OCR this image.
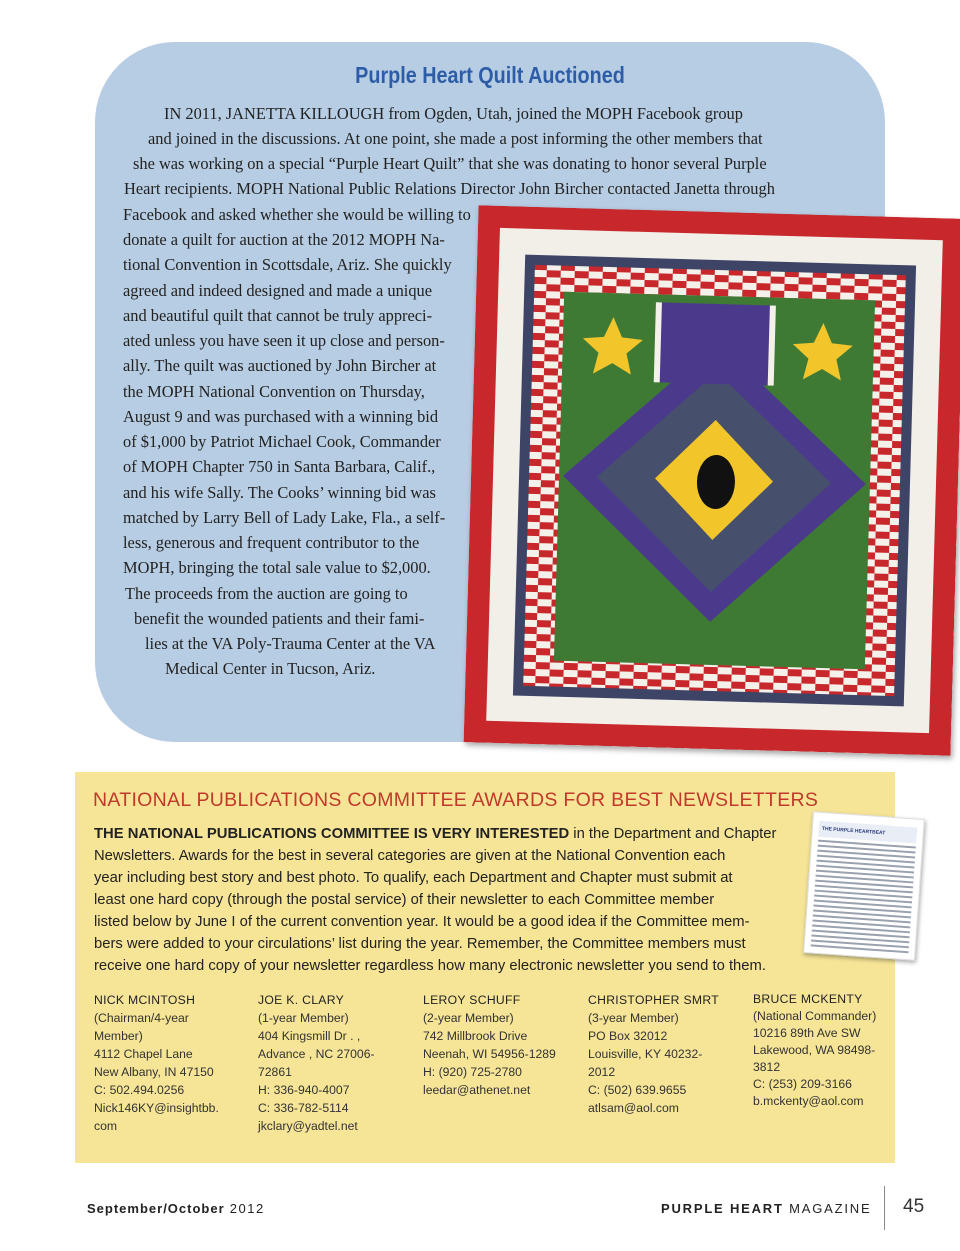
Purple Heart Quilt Auctioned
IN 2011, JANETTA KILLOUGH from Ogden, Utah, joined the MOPH Facebook group
and joined in the discussions. At one point, she made a post informing the other members that
she was working on a special “Purple Heart Quilt” that she was donating to honor several Purple
Heart recipients. MOPH National Public Relations Director John Bircher contacted Janetta through
Facebook and asked whether she would be willing to
donate a quilt for auction at the 2012 MOPH Na-
tional Convention in Scottsdale, Ariz. She quickly
agreed and indeed designed and made a unique
and beautiful quilt that cannot be truly appreci-
ated unless you have seen it up close and person-
ally. The quilt was auctioned by John Bircher at
the MOPH National Convention on Thursday,
August 9 and was purchased with a winning bid
of $1,000 by Patriot Michael Cook, Commander
of MOPH Chapter 750 in Santa Barbara, Calif.,
and his wife Sally. The Cooks’ winning bid was
matched by Larry Bell of Lady Lake, Fla., a self-
less, generous and frequent contributor to the
MOPH, bringing the total sale value to $2,000.
The proceeds from the auction are going to
benefit the wounded patients and their fami-
lies at the VA Poly-Trauma Center at the VA
Medical Center in Tucson, Ariz.
NATIONAL PUBLICATIONS COMMITTEE AWARDS FOR BEST NEWSLETTERS
THE NATIONAL PUBLICATIONS COMMITTEE IS VERY INTERESTED in the Department and Chapter
Newsletters. Awards for the best in several categories are given at the National Convention each
year including best story and best photo. To qualify, each Department and Chapter must submit at
least one hard copy (through the postal service) of their newsletter to each Committee member
listed below by June I of the current convention year. It would be a good idea if the Committee mem-
bers were added to your circulations’ list during the year. Remember, the Committee members must
receive one hard copy of your newsletter regardless how many electronic newsletter you send to them.
THE PURPLE HEARTBEAT
NICK MCINTOSH
(Chairman/4-year
Member)
4112 Chapel Lane
New Albany, IN 47150
C: 502.494.0256
Nick146KY@insightbb.
com
JOE K. CLARY
(1-year Member)
404 Kingsmill Dr . ,
Advance , NC 27006-
72861
H: 336-940-4007
C: 336-782-5114
jkclary@yadtel.net
LEROY SCHUFF
(2-year Member)
742 Millbrook Drive
Neenah, WI 54956-1289
H: (920) 725-2780
leedar@athenet.net
CHRISTOPHER SMRT
(3-year Member)
PO Box 32012
Louisville, KY 40232-
2012
C: (502) 639.9655
atlsam@aol.com
BRUCE MCKENTY
(National Commander)
10216 89th Ave SW
Lakewood, WA 98498-
3812
C: (253) 209-3166
b.mckenty@aol.com
September/October 2012	PURPLE HEART MAGAZINE 45
